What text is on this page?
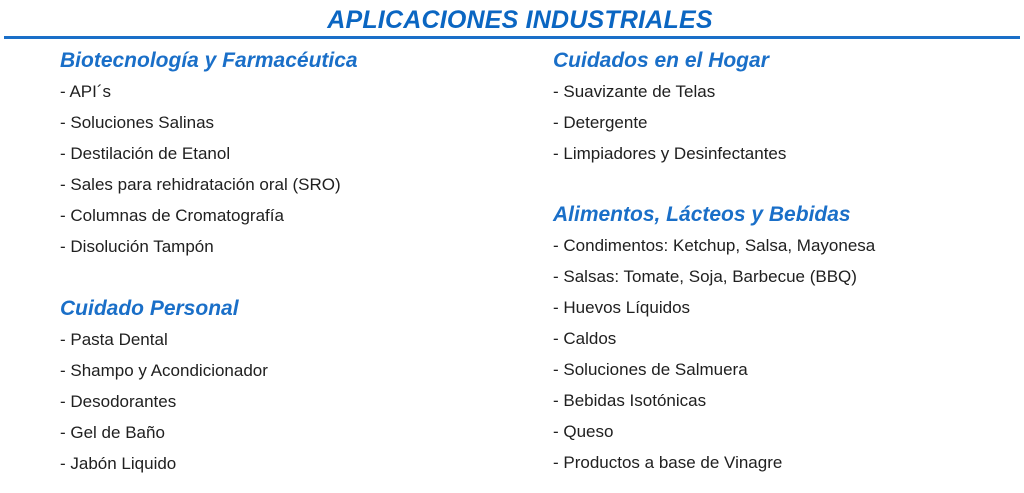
APLICACIONES INDUSTRIALES
Biotecnología y Farmacéutica
- API´s
- Soluciones Salinas
- Destilación de Etanol
- Sales para rehidratación oral (SRO)
- Columnas de Cromatografía
- Disolución Tampón
Cuidado Personal
- Pasta Dental
- Shampo y Acondicionador
- Desodorantes
- Gel de Baño
- Jabón Liquido
Cuidados en el Hogar
- Suavizante de Telas
- Detergente
- Limpiadores y Desinfectantes
Alimentos, Lácteos y Bebidas
- Condimentos: Ketchup, Salsa, Mayonesa
- Salsas: Tomate, Soja, Barbecue (BBQ)
- Huevos Líquidos
- Caldos
- Soluciones de Salmuera
- Bebidas Isotónicas
- Queso
- Productos a base de Vinagre
